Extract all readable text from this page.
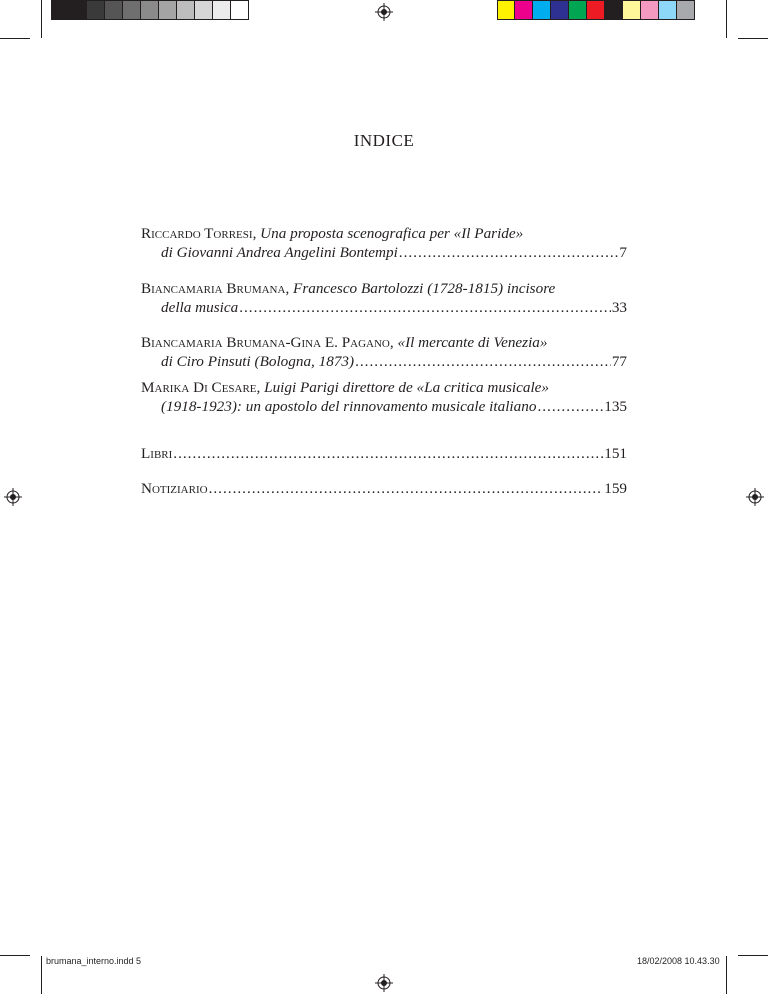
INDICE
Riccardo Torresi , Una proposta scenografica per «Il Paride»
di Giovanni Andrea Angelini Bontempi .....	7
Biancamaria Brumana , Francesco Bartolozzi (1728-1815) incisore
della musica .....	33
Biancamaria Brumana-Gina E. Pagano , «Il mercante di Venezia»
di Ciro Pinsuti (Bologna, 1873) .....	77
Marika Di Cesare , Luigi Parigi direttore de «La critica musicale»
(1918-1923): un apostolo del rinnovamento musicale italiano .....	135
Libri .....	151
Notiziario .....	159
brumana_interno.indd 5	18/02/2008 10.43.30
